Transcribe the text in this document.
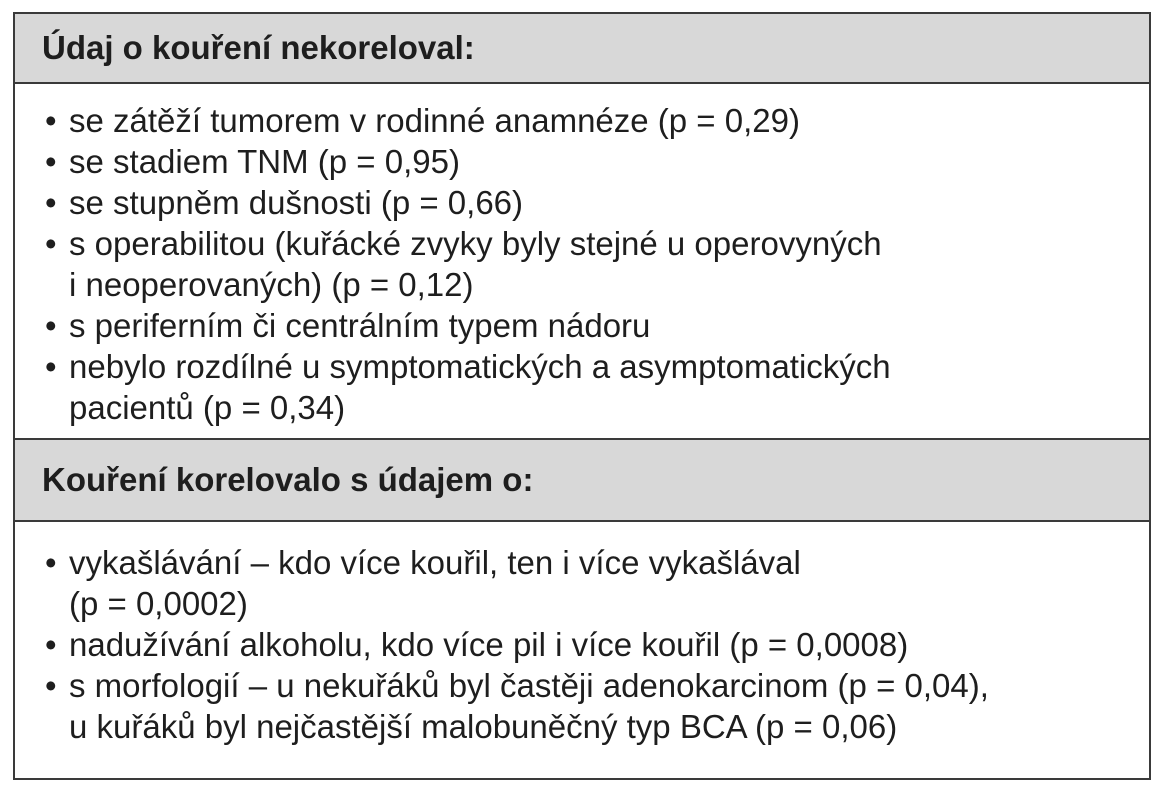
Údaj o kouření nekoreloval:
• se zátěží tumorem v rodinné anamnéze (p = 0,29)
• se stadiem TNM (p = 0,95)
• se stupněm dušnosti (p = 0,66)
• s operabilitou (kuřácké zvyky byly stejné u operovyných
i neoperovaných) (p = 0,12)
• s periferním či centrálním typem nádoru
• nebylo rozdílné u symptomatických a asymptomatických
pacientů (p = 0,34)
Kouření korelovalo s údajem o:
• vykašlávání – kdo více kouřil, ten i více vykašlával
(p = 0,0002)
• nadužívání alkoholu, kdo více pil i více kouřil (p = 0,0008)
• s morfologií – u nekuřáků byl častěji adenokarcinom (p = 0,04),
u kuřáků byl nejčastější malobuněčný typ BCA (p = 0,06)
